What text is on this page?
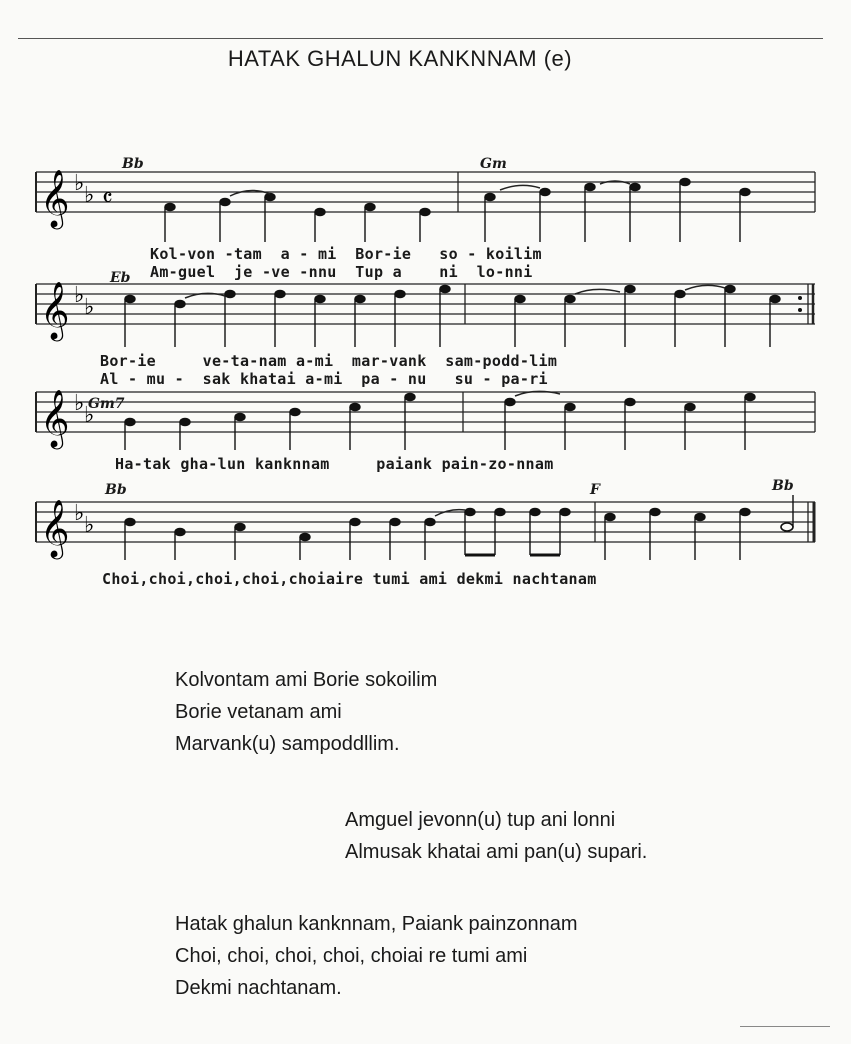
HATAK GHALUN KANKNNAM (e)
𝄞 ♭ ♭ 𝄴
Bb	Gm
Kol-von -tam  a - mi  Bor-ie   so - koilim
Am-guel  je -ve -nnu  Tup a    ni  lo-nni
𝄞 ♭ ♭
Eb
Bor-ie     ve-ta-nam a-mi  mar-vank  sam-podd-lim
Al - mu -  sak khatai a-mi  pa - nu   su - pa-ri
𝄞 ♭ ♭
Gm7
Ha-tak gha-lun kanknnam     paiank pain-zo-nnam
𝄞 ♭ ♭
Bb	F	Bb
Choi,choi,choi,choi,choiaire tumi ami dekmi nachtanam
Kolvontam ami Borie sokoilim
Borie vetanam ami
Marvank(u) sampoddllim.
Amguel jevonn(u) tup ani lonni
Almusak khatai ami pan(u) supari.
Hatak ghalun kanknnam, Paiank painzonnam
Choi, choi, choi, choi, choiai re tumi ami
Dekmi nachtanam.
